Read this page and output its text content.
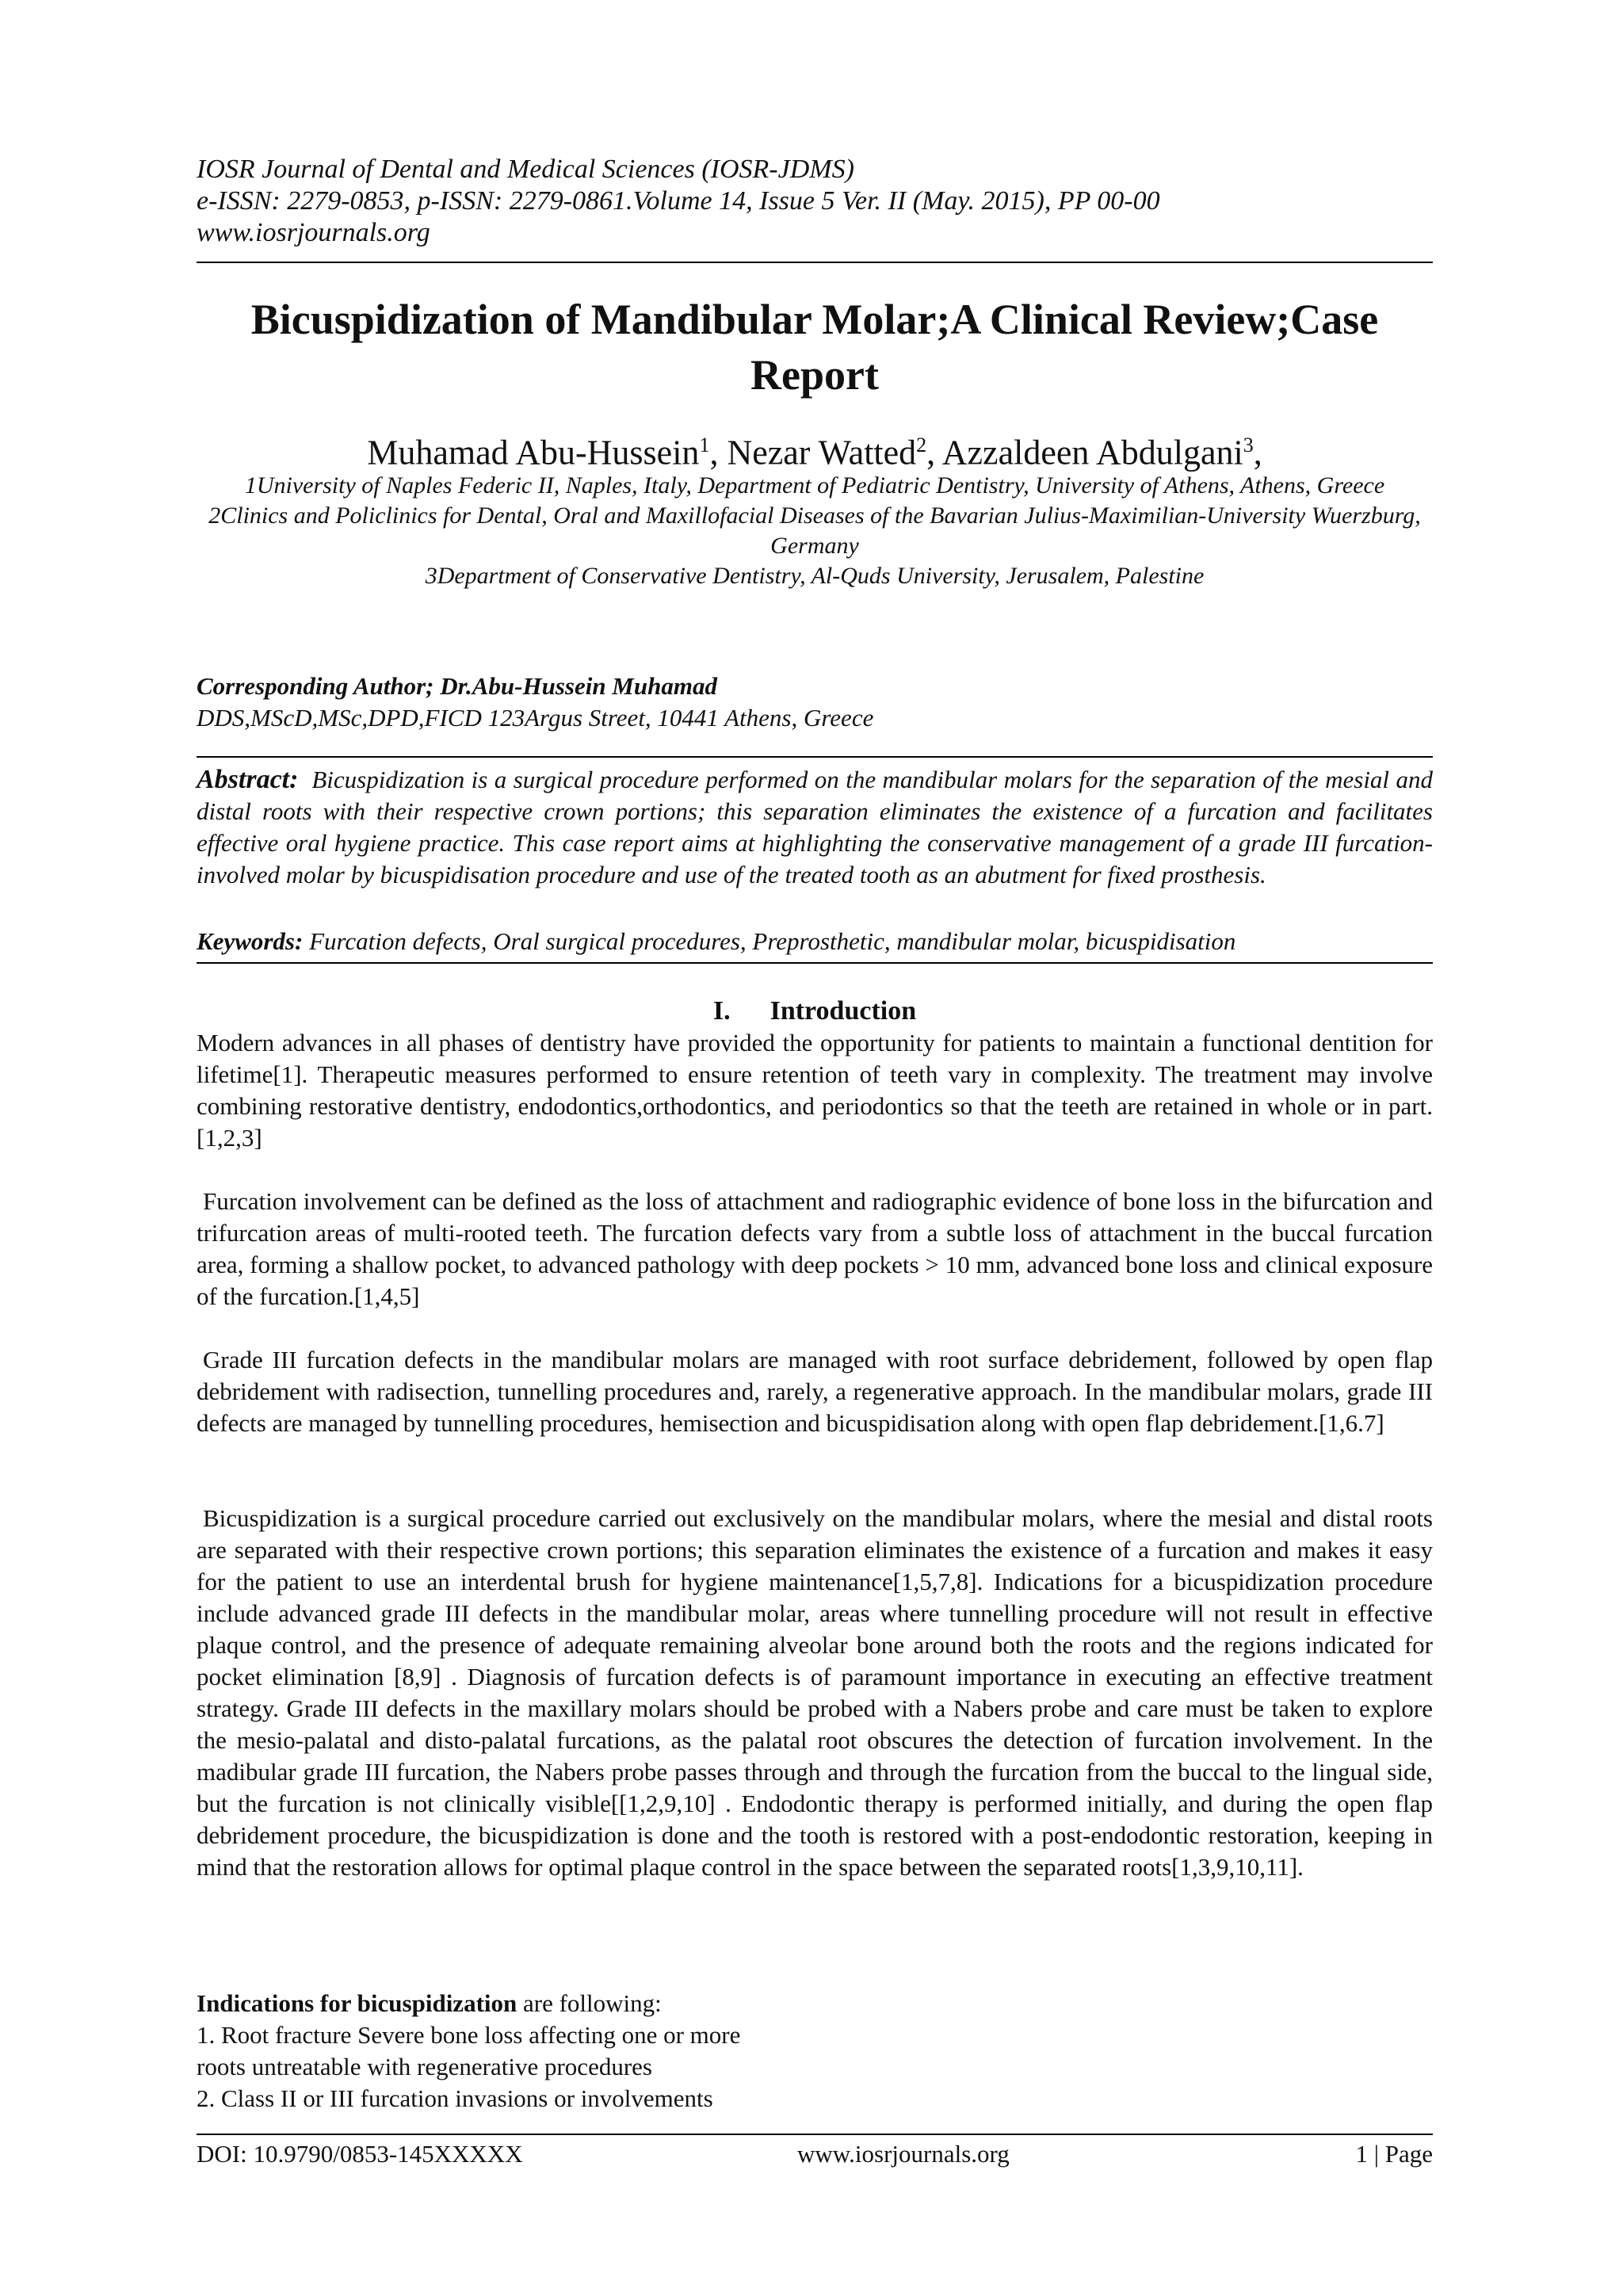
IOSR Journal of Dental and Medical Sciences (IOSR-JDMS)
e-ISSN: 2279-0853, p-ISSN: 2279-0861.Volume 14, Issue 5 Ver. II (May. 2015), PP 00-00
www.iosrjournals.org
Bicuspidization of Mandibular Molar;A Clinical Review;Case Report
Muhamad Abu-Hussein$^1$, Nezar Watted$^2$, Azzaldeen Abdulgani$^3$,
1University of Naples Federic II, Naples, Italy, Department of Pediatric Dentistry, University of Athens, Athens, Greece
2Clinics and Policlinics for Dental, Oral and Maxillofacial Diseases of the Bavarian Julius-Maximilian-University Wuerzburg, Germany
3Department of Conservative Dentistry, Al-Quds University, Jerusalem, Palestine
Corresponding Author; Dr.Abu-Hussein Muhamad
DDS,MScD,MSc,DPD,FICD 123Argus Street, 10441 Athens, Greece
Abstract: Bicuspidization is a surgical procedure performed on the mandibular molars for the separation of the mesial and distal roots with their respective crown portions; this separation eliminates the existence of a furcation and facilitates effective oral hygiene practice. This case report aims at highlighting the conservative management of a grade III furcation-involved molar by bicuspidisation procedure and use of the treated tooth as an abutment for fixed prosthesis.
Keywords: Furcation defects, Oral surgical procedures, Preprosthetic, mandibular molar, bicuspidisation
I. Introduction

Modern advances in all phases of dentistry have provided the opportunity for patients to maintain a functional dentition for lifetime[1]. Therapeutic measures performed to ensure retention of teeth vary in complexity. The treatment may involve combining restorative dentistry, endodontics,orthodontics, and periodontics so that the teeth are retained in whole or in part.[1,2,3]

Furcation involvement can be defined as the loss of attachment and radiographic evidence of bone loss in the bifurcation and trifurcation areas of multi-rooted teeth. The furcation defects vary from a subtle loss of attachment in the buccal furcation area, forming a shallow pocket, to advanced pathology with deep pockets > 10 mm, advanced bone loss and clinical exposure of the furcation.[1,4,5]

Grade III furcation defects in the mandibular molars are managed with root surface debridement, followed by open flap debridement with radisection, tunnelling procedures and, rarely, a regenerative approach. In the mandibular molars, grade III defects are managed by tunnelling procedures, hemisection and bicuspidisation along with open flap debridement.[1,6.7]

Bicuspidization is a surgical procedure carried out exclusively on the mandibular molars, where the mesial and distal roots are separated with their respective crown portions; this separation eliminates the existence of a furcation and makes it easy for the patient to use an interdental brush for hygiene maintenance[1,5,7,8]. Indications for a bicuspidization procedure include advanced grade III defects in the mandibular molar, areas where tunnelling procedure will not result in effective plaque control, and the presence of adequate remaining alveolar bone around both the roots and the regions indicated for pocket elimination [8,9] . Diagnosis of furcation defects is of paramount importance in executing an effective treatment strategy. Grade III defects in the maxillary molars should be probed with a Nabers probe and care must be taken to explore the mesio-palatal and disto-palatal furcations, as the palatal root obscures the detection of furcation involvement. In the madibular grade III furcation, the Nabers probe passes through and through the furcation from the buccal to the lingual side, but the furcation is not clinically visible[[1,2,9,10] . Endodontic therapy is performed initially, and during the open flap debridement procedure, the bicuspidization is done and the tooth is restored with a post-endodontic restoration, keeping in mind that the restoration allows for optimal plaque control in the space between the separated roots[1,3,9,10,11].

Indications for bicuspidization are following:
1. Root fracture Severe bone loss affecting one or more
roots untreatable with regenerative procedures
2. Class II or III furcation invasions or involvements
DOI: 10.9790/0853-145XXXXX	www.iosrjournals.org	1 | Page
